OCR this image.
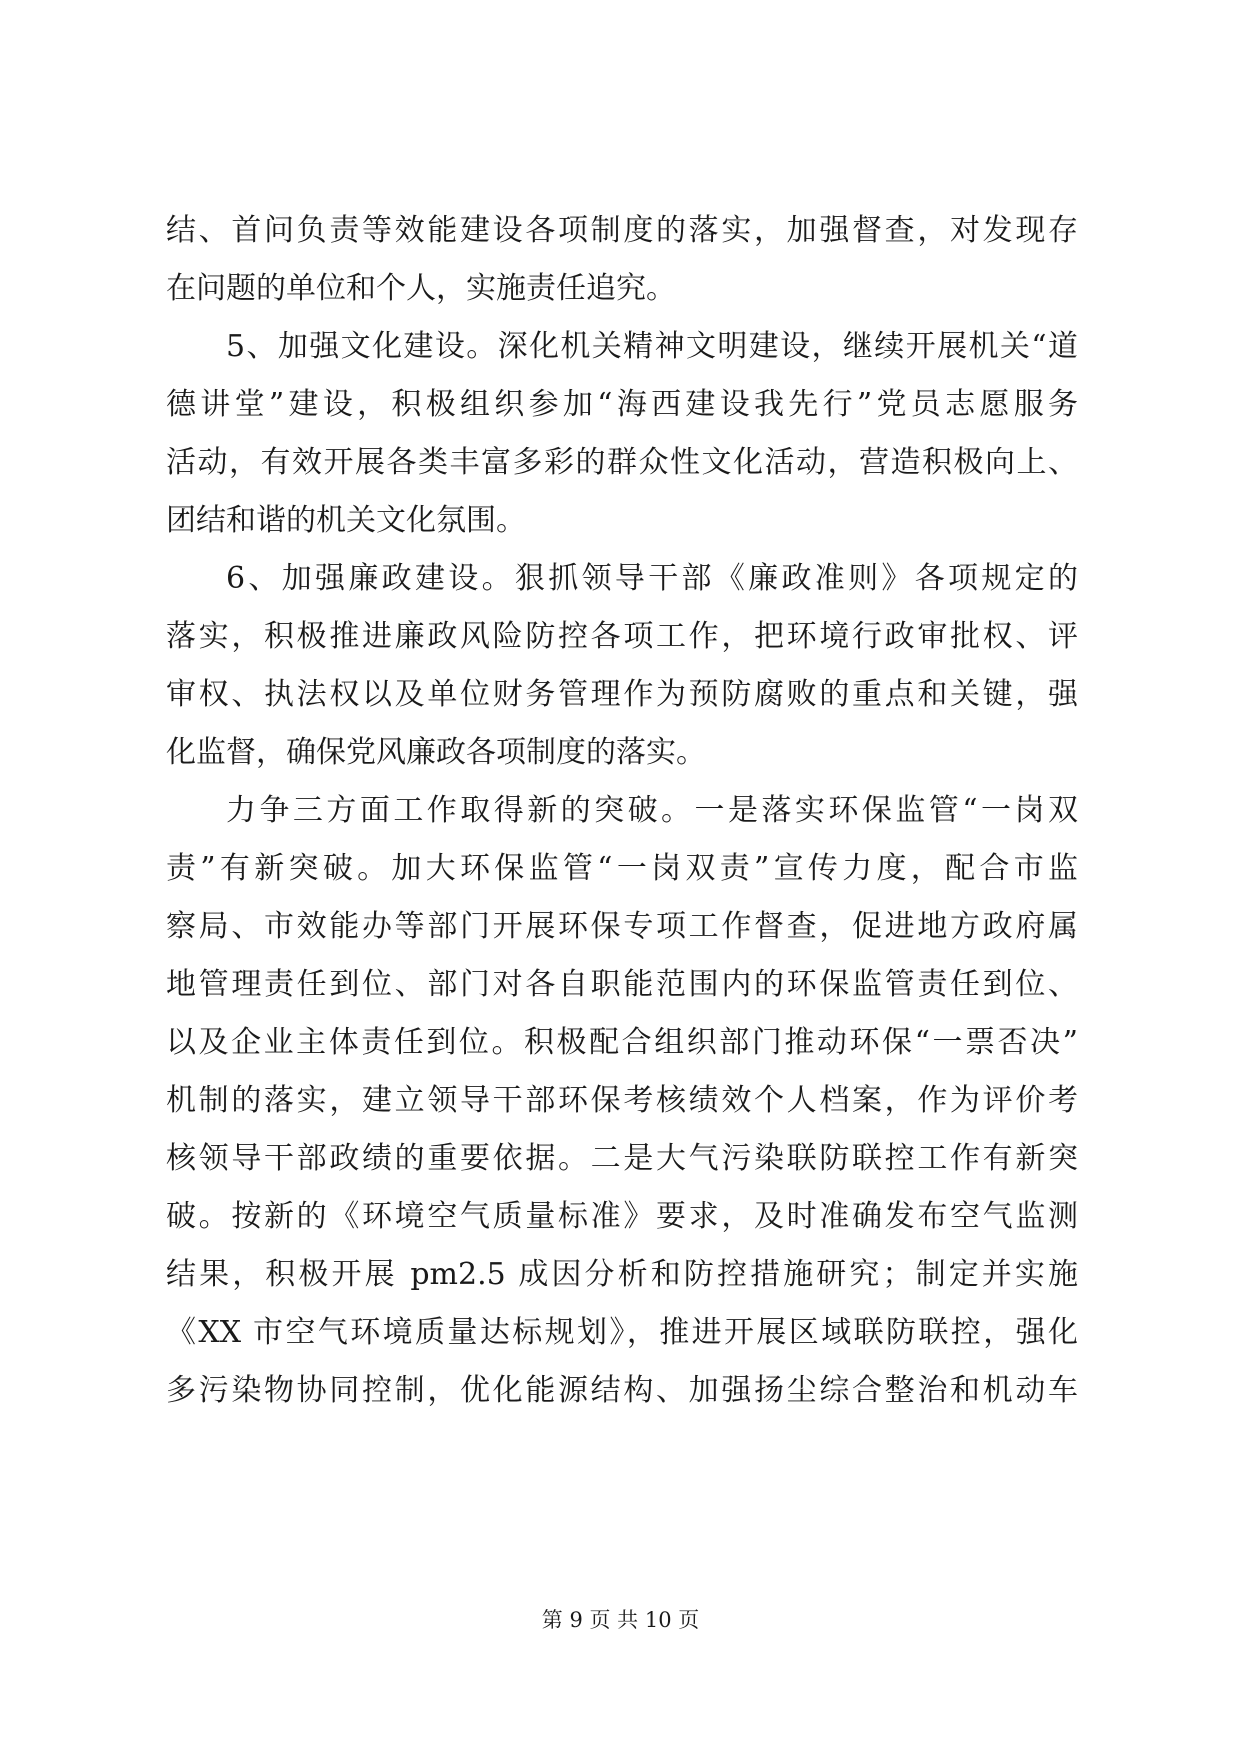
结、首问负责等效能建设各项制度的落实，加强督查，对发现存
在问题的单位和个人，实施责任追究。
5、加强文化建设。深化机关精神文明建设，继续开展机关“道
德讲堂”建设，积极组织参加“海西建设我先行”党员志愿服务
活动，有效开展各类丰富多彩的群众性文化活动，营造积极向上、
团结和谐的机关文化氛围。
6、加强廉政建设。狠抓领导干部《廉政准则》各项规定的
落实，积极推进廉政风险防控各项工作，把环境行政审批权、评
审权、执法权以及单位财务管理作为预防腐败的重点和关键，强
化监督，确保党风廉政各项制度的落实。
力争三方面工作取得新的突破。一是落实环保监管“一岗双
责”有新突破。加大环保监管“一岗双责”宣传力度，配合市监
察局、市效能办等部门开展环保专项工作督查，促进地方政府属
地管理责任到位、部门对各自职能范围内的环保监管责任到位、
以及企业主体责任到位。积极配合组织部门推动环保“一票否决”
机制的落实，建立领导干部环保考核绩效个人档案，作为评价考
核领导干部政绩的重要依据。二是大气污染联防联控工作有新突
破。按新的《环境空气质量标准》要求，及时准确发布空气监测
结果，积极开展 pm2.5 成因分析和防控措施研究；制定并实施
《XX 市空气环境质量达标规划》，推进开展区域联防联控，强化
多污染物协同控制，优化能源结构、加强扬尘综合整治和机动车
第 9 页 共 10 页
